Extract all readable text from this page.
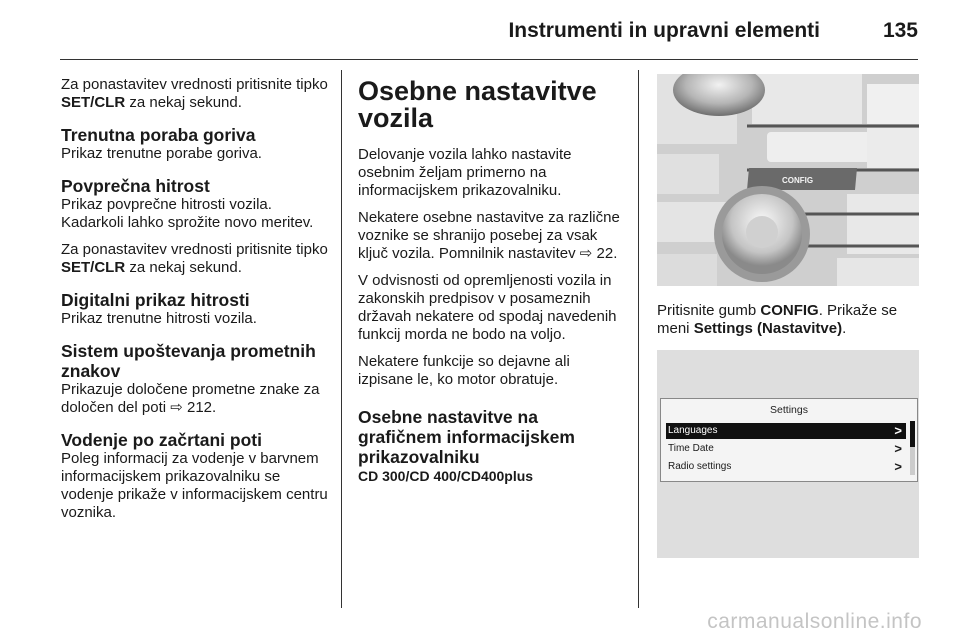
Instrumenti in upravni elementi	135

Za ponastavitev vrednosti pritisnite tipko SET/CLR za nekaj sekund.

Trenutna poraba goriva

Prikaz trenutne porabe goriva.

Povprečna hitrost

Prikaz povprečne hitrosti vozila. Kadarkoli lahko sprožite novo meritev.

Za ponastavitev vrednosti pritisnite tipko SET/CLR za nekaj sekund.

Digitalni prikaz hitrosti

Prikaz trenutne hitrosti vozila.

Sistem upoštevanja prometnih znakov

Prikazuje določene prometne znake za določen del poti ⇨ 212.

Vodenje po začrtani poti

Poleg informacij za vodenje v barvnem informacijskem prikazovalniku se vodenje prikaže v informacijskem centru voznika.

Osebne nastavitve vozila

Delovanje vozila lahko nastavite osebnim željam primerno na informacijskem prikazovalniku.

Nekatere osebne nastavitve za različne voznike se shranijo posebej za vsak ključ vozila. Pomnilnik nastavitev ⇨ 22.

V odvisnosti od opremljenosti vozila in zakonskih predpisov v posameznih državah nekatere od spodaj navedenih funkcij morda ne bodo na voljo.

Nekatere funkcije so dejavne ali izpisane le, ko motor obratuje.

Osebne nastavitve na grafičnem informacijskem prikazovalniku
CD 300/CD 400/CD400plus
CONFIG

Pritisnite gumb CONFIG. Prikaže se meni Settings (Nastavitve).

Settings
Languages	>
Time Date	>
Radio settings	>
carmanualsonline.info
